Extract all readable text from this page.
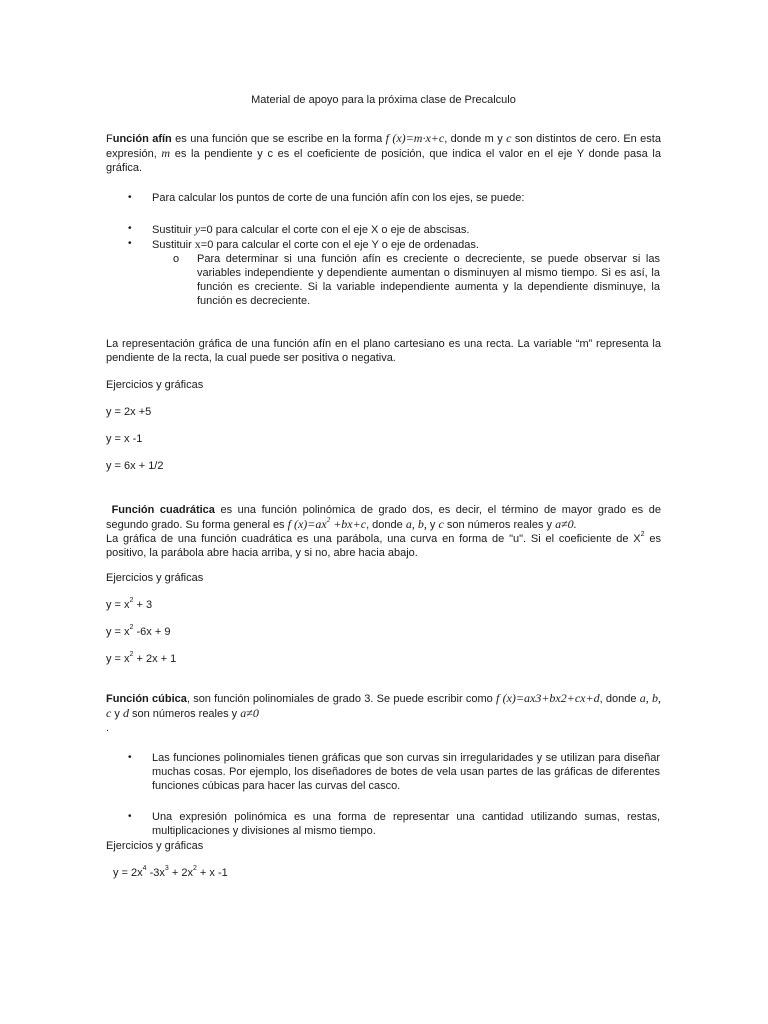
Material de apoyo para la próxima clase de Precalculo

Función afín es una función que se escribe en la forma f (x)=m·x+c, donde m y c son distintos de cero. En esta expresión, m es la pendiente y c es el coeficiente de posición, que indica el valor en el eje Y donde pasa la gráfica.

• Para calcular los puntos de corte de una función afín con los ejes, se puede:

• Sustituir y=0 para calcular el corte con el eje X o eje de abscisas.

• Sustituir x=0 para calcular el corte con el eje Y o eje de ordenadas.

o Para determinar si una función afín es creciente o decreciente, se puede observar si las variables independiente y dependiente aumentan o disminuyen al mismo tiempo. Si es así, la función es creciente. Si la variable independiente aumenta y la dependiente disminuye, la función es decreciente.

La representación gráfica de una función afín en el plano cartesiano es una recta. La variable “m” representa la pendiente de la recta, la cual puede ser positiva o negativa.

Ejercicios y gráficas

y = 2x +5

y = x -1

y = 6x + 1/2

Función cuadrática es una función polinómica de grado dos, es decir, el término de mayor grado es de segundo grado. Su forma general es f $(x)=ax^2 +bx+c$, donde a, b, y c son números reales y a≠0.
La gráfica de una función cuadrática es una parábola, una curva en forma de "u". Si el coeficiente de $X^2$ es positivo, la parábola abre hacia arriba, y si no, abre hacia abajo.

Ejercicios y gráficas

$y = x^2 + 3$

$y = x^2$ -6x + 9

$y = x^2 + 2x + 1$

Función cúbica, son función polinomiales de grado 3. Se puede escribir como f (x)=ax3+bx2+cx+d, donde a, b, c y d son números reales y a≠0
.

• Las funciones polinomiales tienen gráficas que son curvas sin irregularidades y se utilizan para diseñar muchas cosas. Por ejemplo, los diseñadores de botes de vela usan partes de las gráficas de diferentes funciones cúbicas para hacer las curvas del casco.

• Una expresión polinómica es una forma de representar una cantidad utilizando sumas, restas, multiplicaciones y divisiones al mismo tiempo.

Ejercicios y gráficas

$y = 2x^4$ $-3x^3 + 2x^2 + x$ -1
